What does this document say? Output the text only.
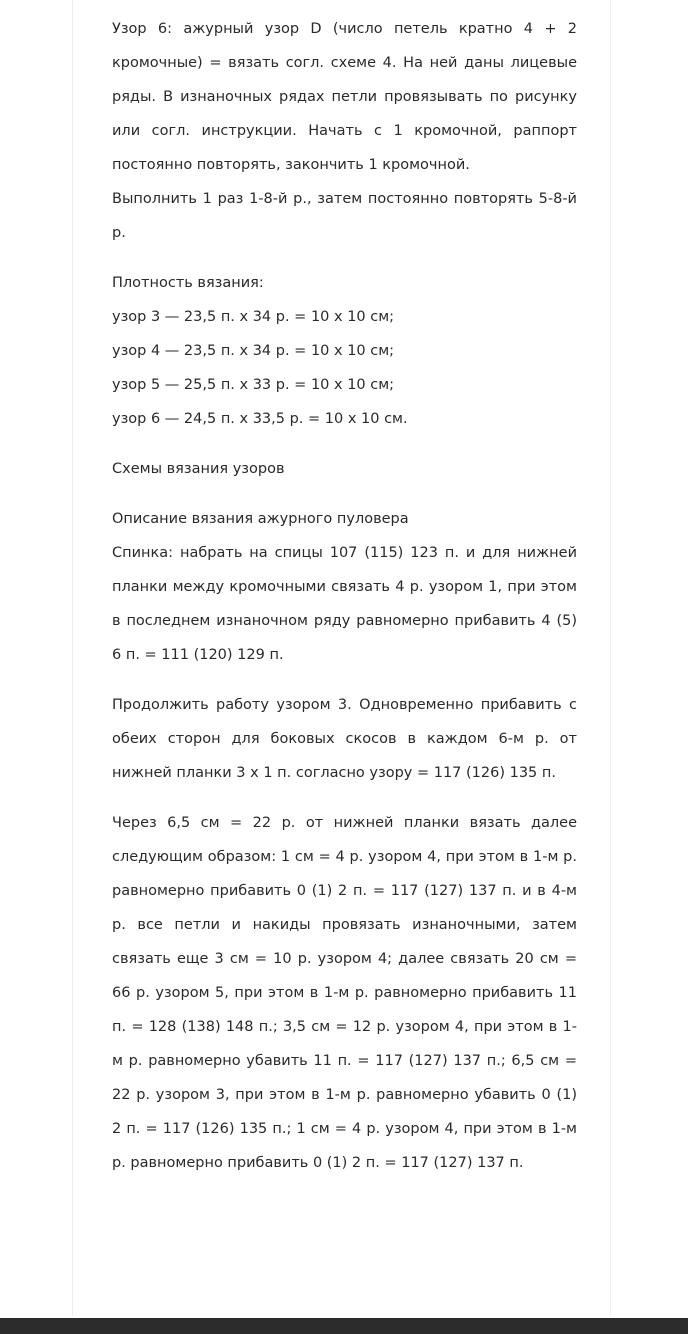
Узор 6: ажурный узор D (число петель кратно 4 + 2 кромочные) = вязать согл. схеме 4. На ней даны лицевые ряды. В изнаночных рядах петли провязывать по рисунку или согл. инструкции. Начать с 1 кромочной, раппорт постоянно повторять, закончить 1 кромочной.

Выполнить 1 раз 1-8-й р., затем постоянно повторять 5-8-й р.

Плотность вязания:

узор 3 — 23,5 п. х 34 р. = 10 х 10 см;

узор 4 — 23,5 п. х 34 р. = 10 х 10 см;

узор 5 — 25,5 п. х 33 р. = 10 х 10 см;

узор 6 — 24,5 п. х 33,5 р. = 10 х 10 см.

Схемы вязания узоров

Описание вязания ажурного пуловера

Спинка: набрать на спицы 107 (115) 123 п. и для нижней планки между кромочными связать 4 р. узором 1, при этом в последнем изнаночном ряду равномерно прибавить 4 (5) 6 п. = 111 (120) 129 п.

Продолжить работу узором 3. Одновременно прибавить с обеих сторон для боковых скосов в каждом 6-м р. от нижней планки 3 х 1 п. согласно узору = 117 (126) 135 п.

Через 6,5 см = 22 р. от нижней планки вязать далее следующим образом: 1 см = 4 р. узором 4, при этом в 1-м р. равномерно прибавить 0 (1) 2 п. = 117 (127) 137 п. и в 4-м р. все петли и накиды провязать изнаночными, затем связать еще 3 см = 10 р. узором 4; далее связать 20 см = 66 р. узором 5, при этом в 1-м р. равномерно прибавить 11 п. = 128 (138) 148 п.; 3,5 см = 12 р. узором 4, при этом в 1-м р. равномерно убавить 11 п. = 117 (127) 137 п.; 6,5 см = 22 р. узором 3, при этом в 1-м р. равномерно убавить 0 (1) 2 п. = 117 (126) 135 п.; 1 см = 4 р. узором 4, при этом в 1-м р. равномерно прибавить 0 (1) 2 п. = 117 (127) 137 п.
